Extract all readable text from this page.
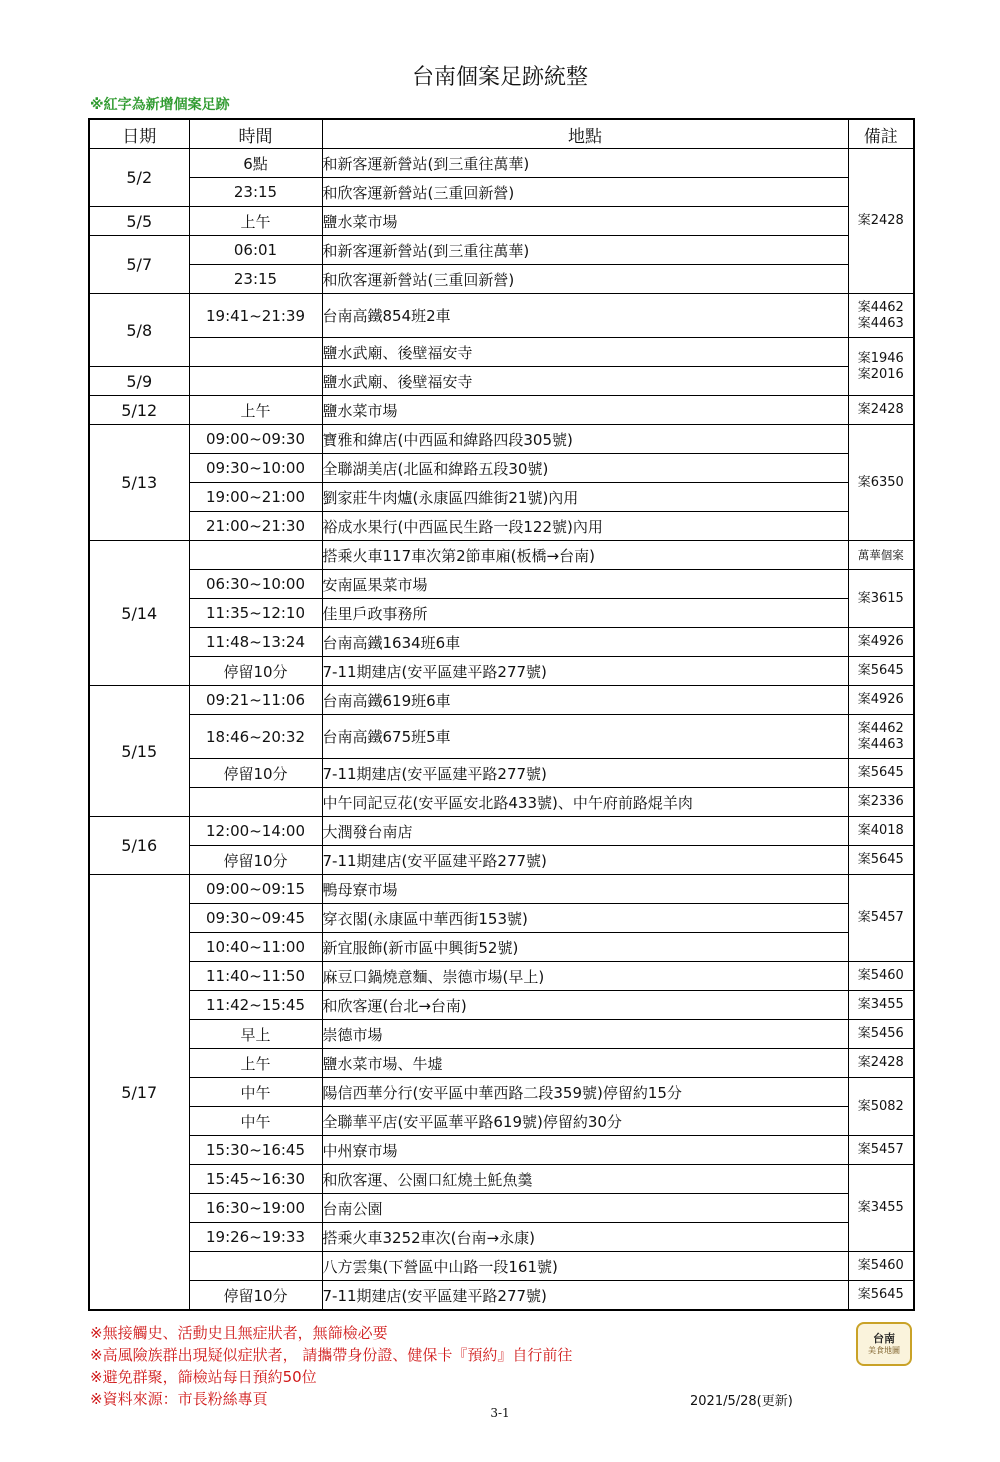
台南個案足跡統整
※紅字為新增個案足跡
日期	時間	地點	備註
5/2	6點	和新客運新營站(到三重往萬華)	案2428
	23:15	和欣客運新營站(三重回新營)	
5/5	上午	鹽水菜市場	
5/7	06:01	和新客運新營站(到三重往萬華)	
	23:15	和欣客運新營站(三重回新營)	
5/8	19:41~21:39	台南高鐵854班2車	案4462
案4463
		鹽水武廟、後壁福安寺	案1946
案2016
5/9		鹽水武廟、後壁福安寺	
5/12	上午	鹽水菜市場	案2428
5/13	09:00~09:30	寶雅和緯店(中西區和緯路四段305號)	案6350
	09:30~10:00	全聯湖美店(北區和緯路五段30號)	
	19:00~21:00	劉家莊牛肉爐(永康區四維街21號)內用	
	21:00~21:30	裕成水果行(中西區民生路一段122號)內用	
5/14		搭乘火車117車次第2節車廂(板橋→台南)	萬華個案
	06:30~10:00	安南區果菜市場	案3615
	11:35~12:10	佳里戶政事務所	
	11:48~13:24	台南高鐵1634班6車	案4926
	停留10分	7-11期建店(安平區建平路277號)	案5645
5/15	09:21~11:06	台南高鐵619班6車	案4926
	18:46~20:32	台南高鐵675班5車	案4462
案4463
	停留10分	7-11期建店(安平區建平路277號)	案5645
		中午同記豆花(安平區安北路433號)、中午府前路焜羊肉	案2336
5/16	12:00~14:00	大潤發台南店	案4018
	停留10分	7-11期建店(安平區建平路277號)	案5645
5/17	09:00~09:15	鴨母寮市場	案5457
	09:30~09:45	穿衣閣(永康區中華西街153號)	
	10:40~11:00	新宜服飾(新市區中興街52號)	
	11:40~11:50	麻豆口鍋燒意麵、崇德市場(早上)	案5460
	11:42~15:45	和欣客運(台北→台南)	案3455
	早上	崇德市場	案5456
	上午	鹽水菜市場、牛墟	案2428
	中午	陽信西華分行(安平區中華西路二段359號)停留約15分	案5082
	中午	全聯華平店(安平區華平路619號)停留約30分	
	15:30~16:45	中州寮市場	案5457
	15:45~16:30	和欣客運、公園口紅燒土魠魚羹	案3455
	16:30~19:00	台南公園	
	19:26~19:33	搭乘火車3252車次(台南→永康)	
		八方雲集(下營區中山路一段161號)	案5460
	停留10分	7-11期建店(安平區建平路277號)	案5645
※無接觸史、活動史且無症狀者，無篩檢必要
※高風險族群出現疑似症狀者， 請攜帶身份證、健保卡『預約』自行前往
※避免群聚，篩檢站每日預約50位
※資料來源：市長粉絲專頁
台南
美食地圖
2021/5/28(更新)
3-1
